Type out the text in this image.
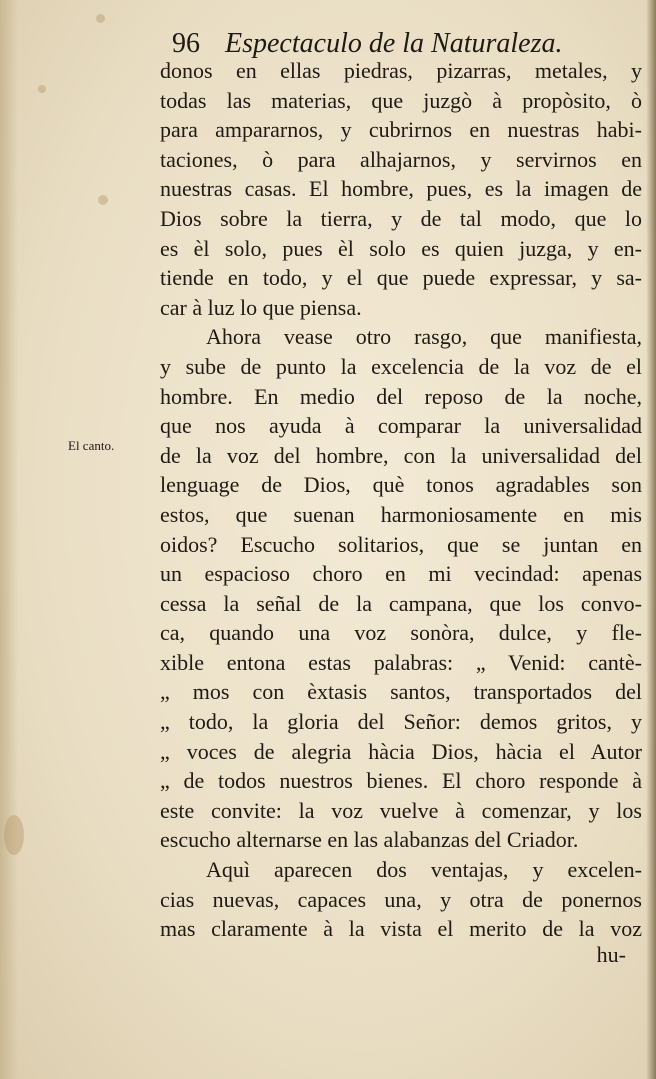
96 Espectaculo de la Naturaleza.
El canto.
donos en ellas piedras, pizarras, metales, y
todas las materias, que juzgò à propòsito, ò
para ampararnos, y cubrirnos en nuestras habi-
taciones, ò para alhajarnos, y servirnos en
nuestras casas. El hombre, pues, es la imagen de
Dios sobre la tierra, y de tal modo, que lo
es èl solo, pues èl solo es quien juzga, y en-
tiende en todo, y el que puede expressar, y sa-
car à luz lo que piensa.
Ahora vease otro rasgo, que manifiesta,
y sube de punto la excelencia de la voz de el
hombre. En medio del reposo de la noche,
que nos ayuda à comparar la universalidad
de la voz del hombre, con la universalidad del
lenguage de Dios, què tonos agradables son
estos, que suenan harmoniosamente en mis
oidos? Escucho solitarios, que se juntan en
un espacioso choro en mi vecindad: apenas
cessa la señal de la campana, que los convo-
ca, quando una voz sonòra, dulce, y fle-
xible entona estas palabras: „ Venid: cantè-
„ mos con èxtasis santos, transportados del
„ todo, la gloria del Señor: demos gritos, y
„ voces de alegria hàcia Dios, hàcia el Autor
„ de todos nuestros bienes. El choro responde à
este convite: la voz vuelve à comenzar, y los
escucho alternarse en las alabanzas del Criador.
Aquì aparecen dos ventajas, y excelen-
cias nuevas, capaces una, y otra de ponernos
mas claramente à la vista el merito de la voz
hu-
